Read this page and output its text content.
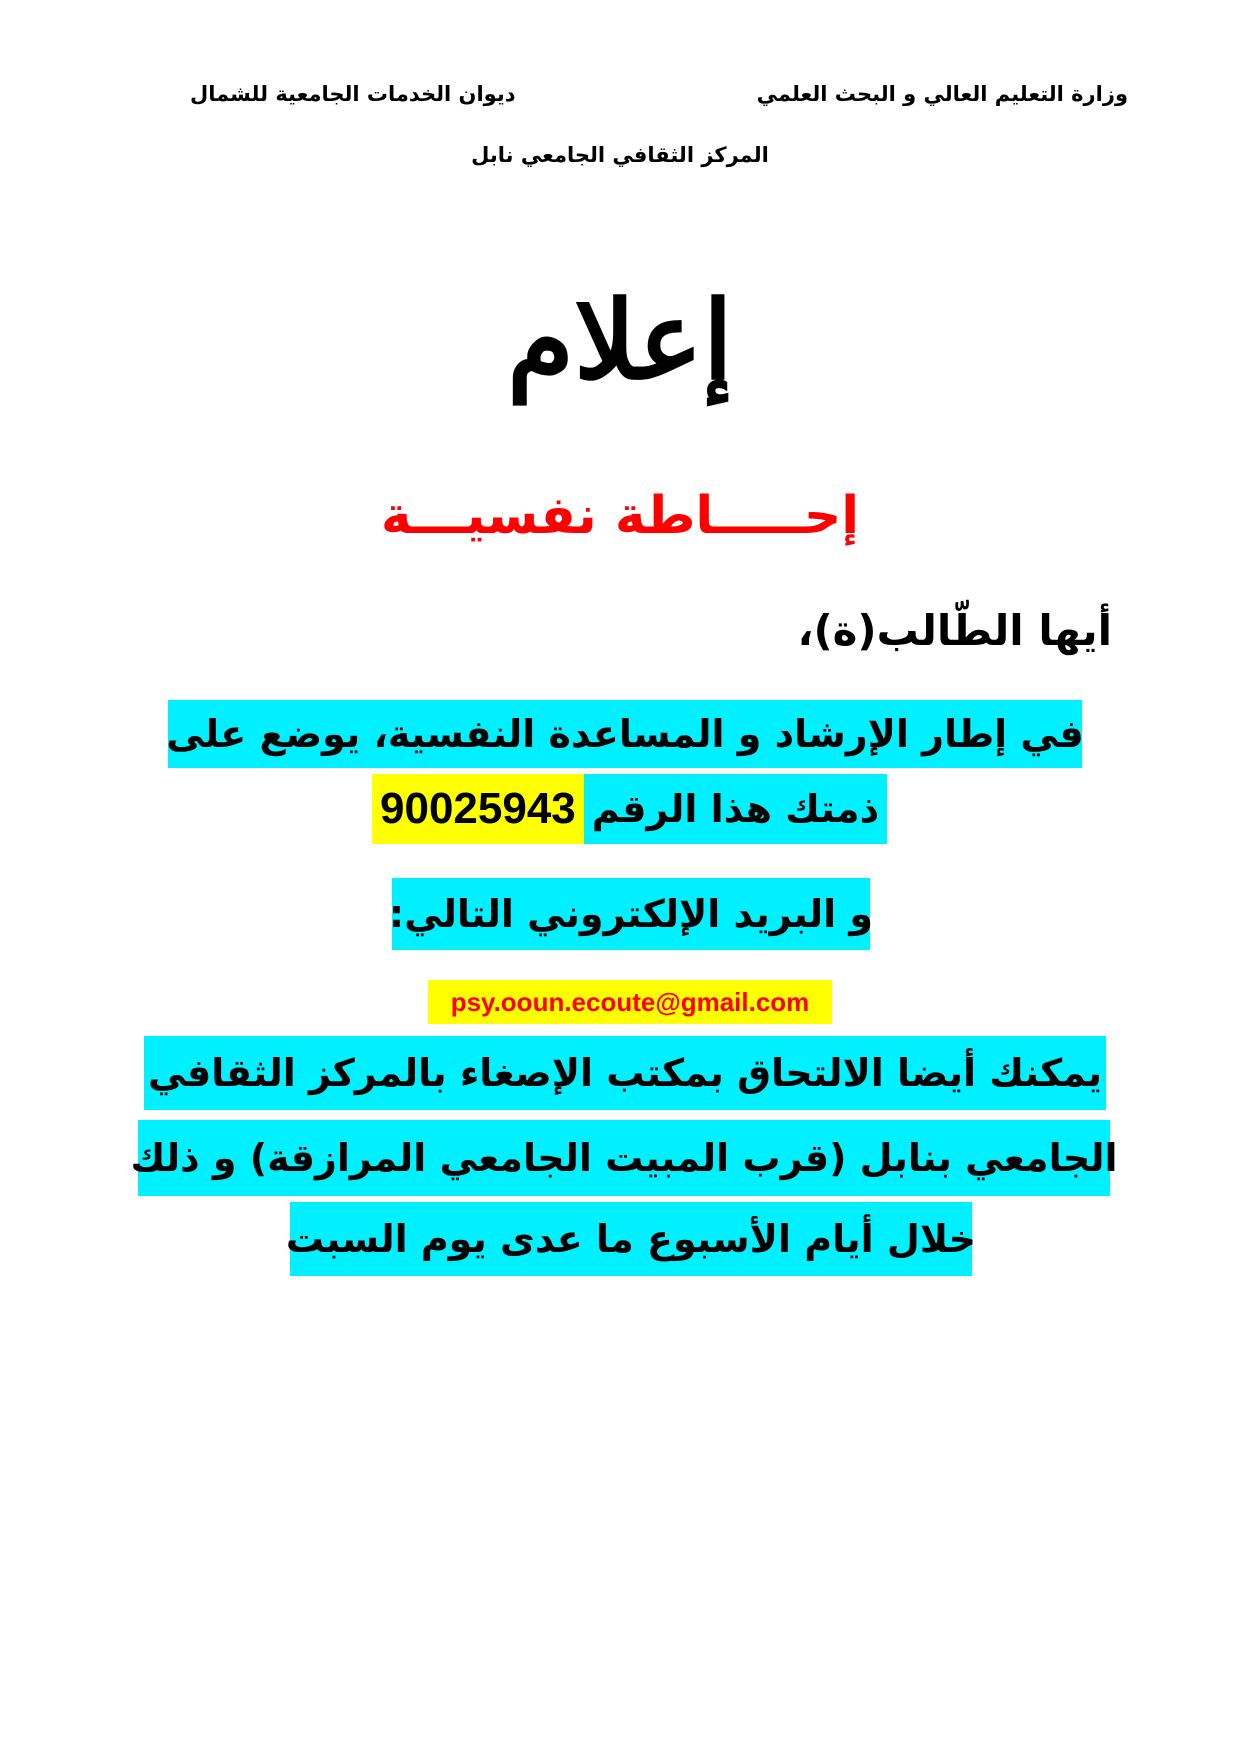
وزارة التعليم العالي و البحث العلمي
ديوان الخدمات الجامعية للشمال
المركز الثقافي الجامعي نابل
إعلام
إحـــــاطة نفسيـــة
أيها الطّالب(ة)،
في إطار الإرشاد و المساعدة النفسية، يوضع على
ذمتك هذا الرقم
90025943
و البريد الإلكتروني التالي:
psy.ooun.ecoute@gmail.com
يمكنك أيضا الالتحاق بمكتب الإصغاء بالمركز الثقافي
الجامعي بنابل (قرب المبيت الجامعي المرازقة) و ذلك
خلال أيام الأسبوع ما عدى يوم السبت
